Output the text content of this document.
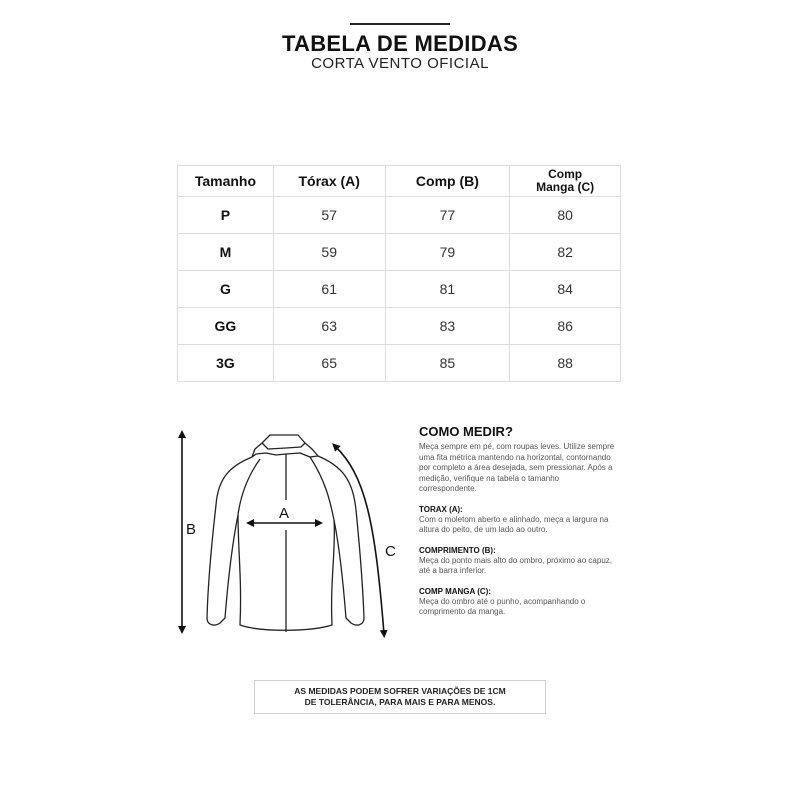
TABELA DE MEDIDAS
CORTA VENTO OFICIAL
Tamanho	Tórax (A)	Comp (B)	Comp
Manga (C)
P	57	77	80
M	59	79	82
G	61	81	84
GG	63	83	86
3G	65	85	88
B
A
C
COMO MEDIR?

Meça sempre em pé, com roupas leves. Utilize sempre uma fita métrica mantendo na horizontal, contornando por completo a área desejada, sem pressionar. Após a medição, verifique na tabela o tamanho correspondente.

TORAX (A):

Com o moletom aberto e alinhado, meça a largura na altura do peito, de um lado ao outro.

COMPRIMENTO (B):

Meça do ponto mais alto do ombro, próximo ao capuz, até a barra inferior.

COMP MANGA (C):

Meça do ombro até o punho, acompanhando o comprimento da manga.

AS MEDIDAS PODEM SOFRER VARIAÇÕES DE 1CM
DE TOLERÂNCIA, PARA MAIS E PARA MENOS.
